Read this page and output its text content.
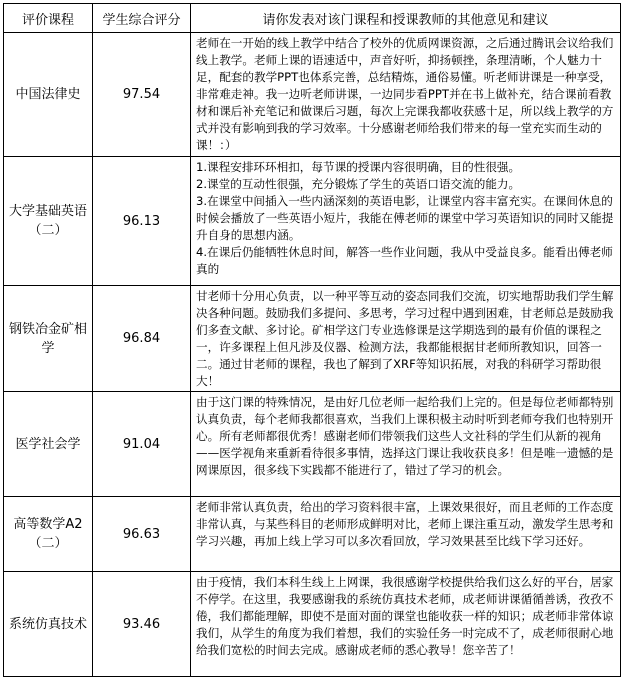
评价课程	学生综合评分	请你发表对该门课程和授课教师的其他意见和建议
中国法律史	97.54	老师在一开始的线上教学中结合了校外的优质网课资源，之后通过腾讯会议给我们线上教学。老师上课的语速适中，声音好听，抑扬顿挫，条理清晰，个人魅力十足，配套的教学PPT也体系完善，总结精炼，通俗易懂。听老师讲课是一种享受，非常难走神。我一边听老师讲课，一边同步看PPT并在书上做补充，结合课前看教材和课后补充笔记和做课后习题，每次上完课我都收获感十足，所以线上教学的方式并没有影响到我的学习效率。十分感谢老师给我们带来的每一堂充实而生动的课！：）
大学基础英语（二）	96.13	1.课程安排环环相扣，每节课的授课内容很明确，目的性很强。
2.课堂的互动性很强，充分锻炼了学生的英语口语交流的能力。
3.在课堂中间插入一些内涵深刻的英语电影，让课堂内容丰富充实。在课间休息的时候会播放了一些英语小短片，我能在傅老师的课堂中学习英语知识的同时又能提升自身的思想内涵。
4.在课后仍能牺牲休息时间，解答一些作业问题，我从中受益良多。能看出傅老师真的

钢铁冶金矿相学	96.84	甘老师十分用心负责，以一种平等互动的姿态同我们交流，切实地帮助我们学生解决各种问题。鼓励我们多提问、多思考，学习过程中遇到困难，甘老师总是鼓励我们多查文献、多讨论。矿相学这门专业选修课是这学期选到的最有价值的课程之一，许多课程上但凡涉及仪器、检测方法，我都能根据甘老师所教知识，回答一二。通过甘老师的课程，我也了解到了XRF等知识拓展，对我的科研学习帮助很大！
医学社会学	91.04	由于这门课的特殊情况，是由好几位老师一起给我们上完的。但是每位老师都特别认真负责，每个老师我都很喜欢，当我们上课积极主动时听到老师夸我们也特别开心。所有老师都很优秀！感谢老师们带领我们这些人文社科的学生们从新的视角——医学视角来重新看待很多事情，选择这门课让我收获良多！但是唯一遗憾的是网课原因，很多线下实践都不能进行了，错过了学习的机会。
高等数学A2（二）	96.63	老师非常认真负责，给出的学习资料很丰富，上课效果很好，而且老师的工作态度非常认真，与某些科目的老师形成鲜明对比，老师上课注重互动，激发学生思考和学习兴趣，再加上线上学习可以多次看回放，学习效果甚至比线下学习还好。
系统仿真技术	93.46	由于疫情，我们本科生线上上网课，我很感谢学校提供给我们这么好的平台，居家不停学。在这里，我要感谢我的系统仿真技术老师，成老师讲课循循善诱，孜孜不倦，我们都能理解，即使不是面对面的课堂也能收获一样的知识；成老师非常体谅我们，从学生的角度为我们着想，我们的实验任务一时完成不了，成老师很耐心地给我们宽松的时间去完成。感谢成老师的悉心教导！您辛苦了！
